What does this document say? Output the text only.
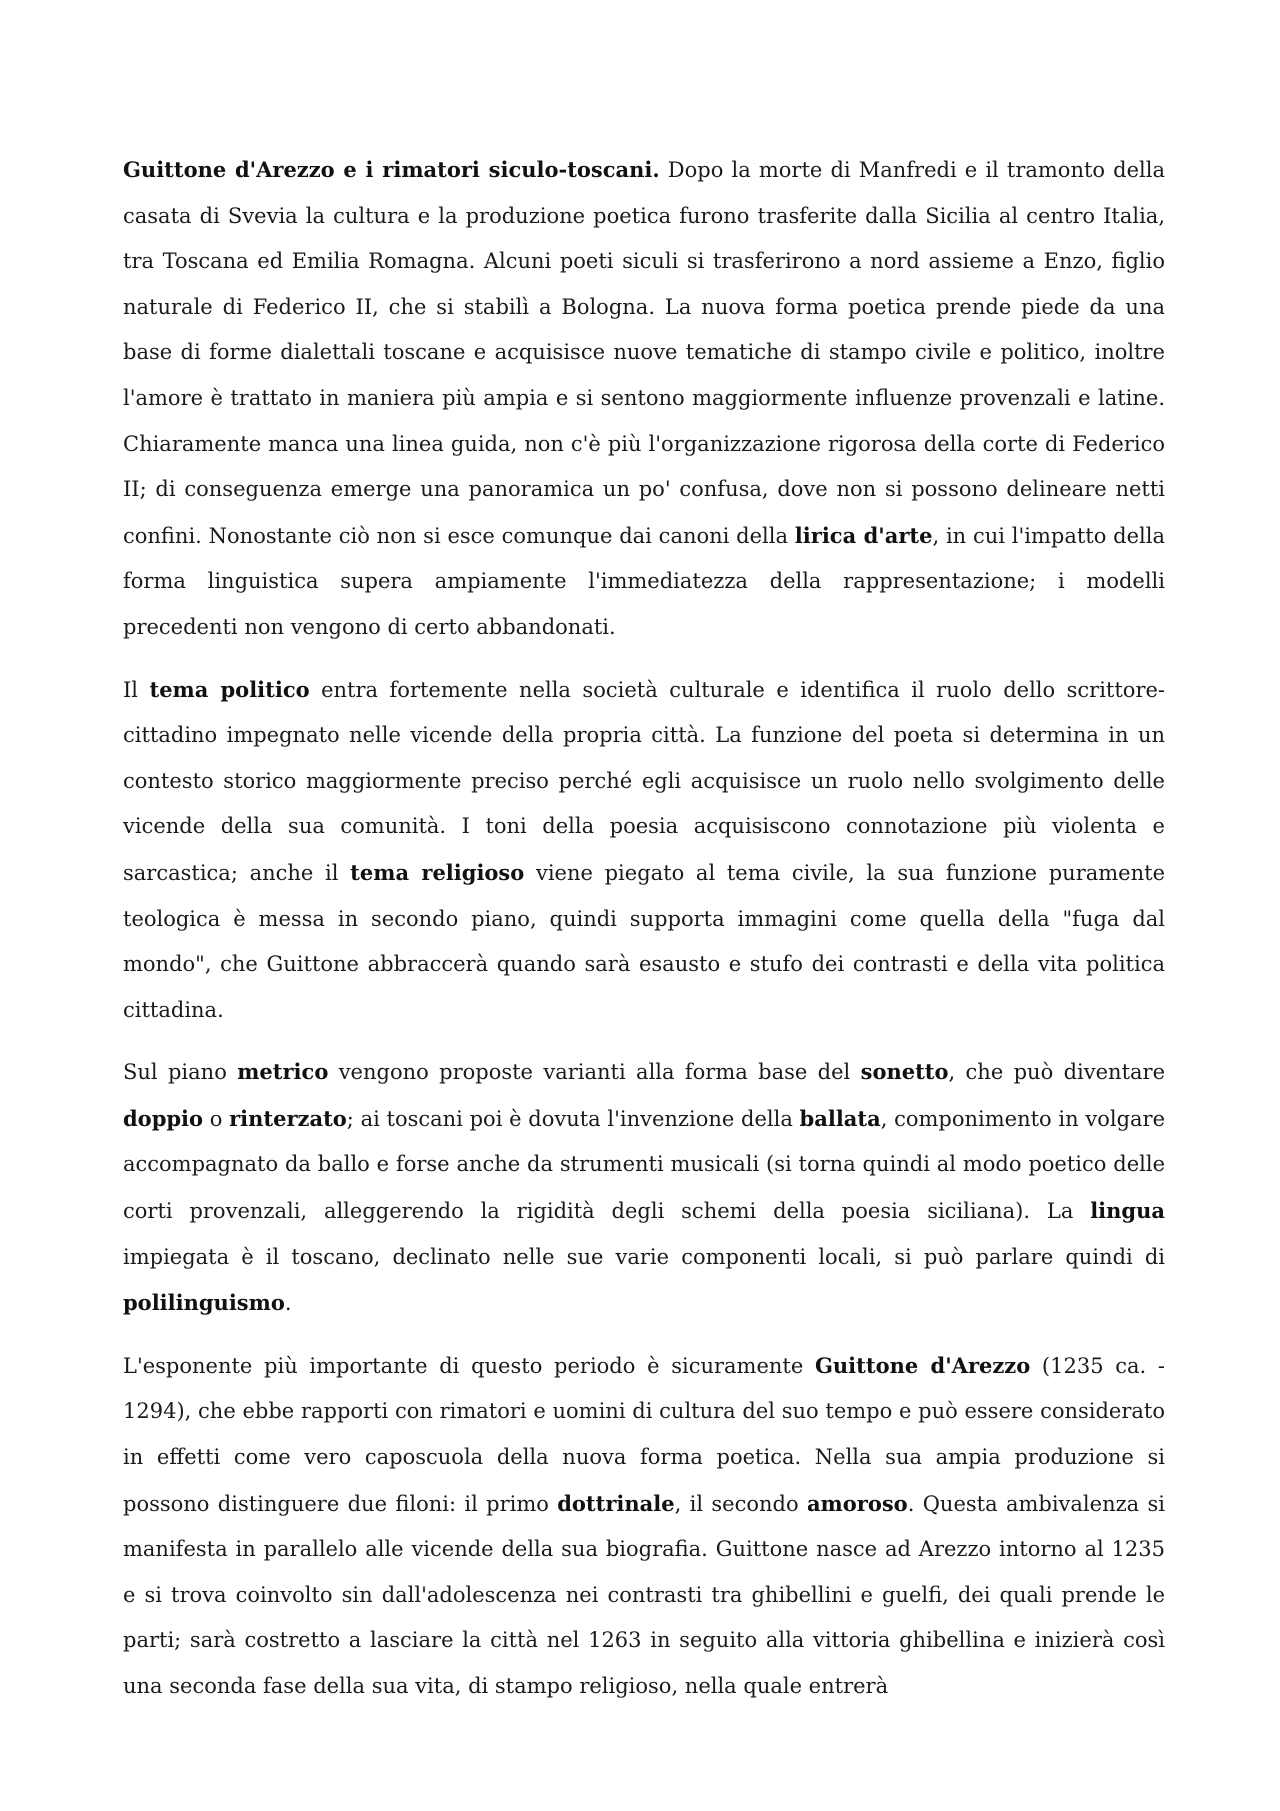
Guittone d'Arezzo e i rimatori siculo-toscani. Dopo la morte di Manfredi e il tramonto della casata di Svevia la cultura e la produzione poetica furono trasferite dalla Sicilia al centro Italia, tra Toscana ed Emilia Romagna. Alcuni poeti siculi si trasferirono a nord assieme a Enzo, figlio naturale di Federico II, che si stabilì a Bologna. La nuova forma poetica prende piede da una base di forme dialettali toscane e acquisisce nuove tematiche di stampo civile e politico, inoltre l'amore è trattato in maniera più ampia e si sentono maggiormente influenze provenzali e latine. Chiaramente manca una linea guida, non c'è più l'organizzazione rigorosa della corte di Federico II; di conseguenza emerge una panoramica un po' confusa, dove non si possono delineare netti confini. Nonostante ciò non si esce comunque dai canoni della lirica d'arte, in cui l'impatto della forma linguistica supera ampiamente l'immediatezza della rappresentazione; i modelli precedenti non vengono di certo abbandonati.

Il tema politico entra fortemente nella società culturale e identifica il ruolo dello scrittore-cittadino impegnato nelle vicende della propria città. La funzione del poeta si determina in un contesto storico maggiormente preciso perché egli acquisisce un ruolo nello svolgimento delle vicende della sua comunità. I toni della poesia acquisiscono connotazione più violenta e sarcastica; anche il tema religioso viene piegato al tema civile, la sua funzione puramente teologica è messa in secondo piano, quindi supporta immagini come quella della "fuga dal mondo", che Guittone abbraccerà quando sarà esausto e stufo dei contrasti e della vita politica cittadina.

Sul piano metrico vengono proposte varianti alla forma base del sonetto, che può diventare doppio o rinterzato; ai toscani poi è dovuta l'invenzione della ballata, componimento in volgare accompagnato da ballo e forse anche da strumenti musicali (si torna quindi al modo poetico delle corti provenzali, alleggerendo la rigidità degli schemi della poesia siciliana). La lingua impiegata è il toscano, declinato nelle sue varie componenti locali, si può parlare quindi di polilinguismo.

L'esponente più importante di questo periodo è sicuramente Guittone d'Arezzo (1235 ca. - 1294), che ebbe rapporti con rimatori e uomini di cultura del suo tempo e può essere considerato in effetti come vero caposcuola della nuova forma poetica. Nella sua ampia produzione si possono distinguere due filoni: il primo dottrinale, il secondo amoroso. Questa ambivalenza si manifesta in parallelo alle vicende della sua biografia. Guittone nasce ad Arezzo intorno al 1235 e si trova coinvolto sin dall'adolescenza nei contrasti tra ghibellini e guelfi, dei quali prende le parti; sarà costretto a lasciare la città nel 1263 in seguito alla vittoria ghibellina e inizierà così una seconda fase della sua vita, di stampo religioso, nella quale entrerà
